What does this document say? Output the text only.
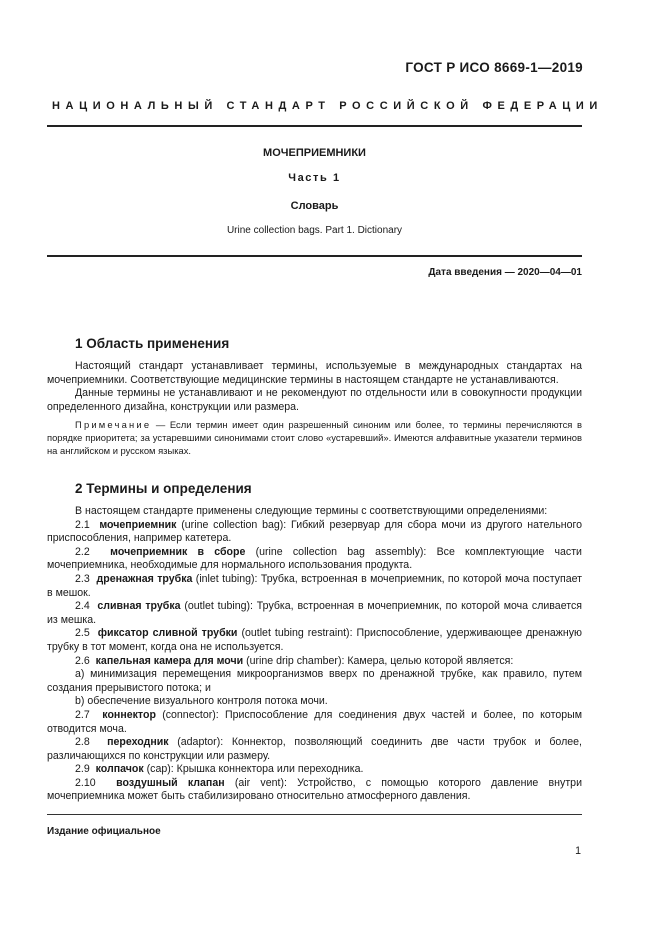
ГОСТ Р ИСО 8669-1—2019
НАЦИОНАЛЬНЫЙ СТАНДАРТ РОССИЙСКОЙ ФЕДЕРАЦИИ
МОЧЕПРИЕМНИКИ
Часть 1
Словарь
Urine collection bags. Part 1. Dictionary
Дата введения — 2020—04—01
1 Область применения

Настоящий стандарт устанавливает термины, используемые в международных стандартах на мочеприемники. Соответствующие медицинские термины в настоящем стандарте не устанавливаются.

Данные термины не устанавливают и не рекомендуют по отдельности или в совокупности продукции определенного дизайна, конструкции или размера.

Примечание — Если термин имеет один разрешенный синоним или более, то термины перечисляются в порядке приоритета; за устаревшими синонимами стоит слово «устаревший». Имеются алфавитные указатели терминов на английском и русском языках.

2 Термины и определения

В настоящем стандарте применены следующие термины с соответствующими определениями:

2.1 мочеприемник (urine collection bag): Гибкий резервуар для сбора мочи из другого нательного приспособления, например катетера.

2.2 мочеприемник в сборе (urine collection bag assembly): Все комплектующие части мочеприемника, необходимые для нормального использования продукта.

2.3 дренажная трубка (inlet tubing): Трубка, встроенная в мочеприемник, по которой моча поступает в мешок.

2.4 сливная трубка (outlet tubing): Трубка, встроенная в мочеприемник, по которой моча сливается из мешка.

2.5 фиксатор сливной трубки (outlet tubing restraint): Приспособление, удерживающее дренажную трубку в тот момент, когда она не используется.

2.6 капельная камера для мочи (urine drip chamber): Камера, целью которой является:

a) минимизация перемещения микроорганизмов вверх по дренажной трубке, как правило, путем создания прерывистого потока; и

b) обеспечение визуального контроля потока мочи.

2.7 коннектор (connector): Приспособление для соединения двух частей и более, по которым отводится моча.

2.8 переходник (adaptor): Коннектор, позволяющий соединить две части трубок и более, различающихся по конструкции или размеру.

2.9 колпачок (cap): Крышка коннектора или переходника.

2.10 воздушный клапан (air vent): Устройство, с помощью которого давление внутри мочеприемника может быть стабилизировано относительно атмосферного давления.

Издание официальное
1
